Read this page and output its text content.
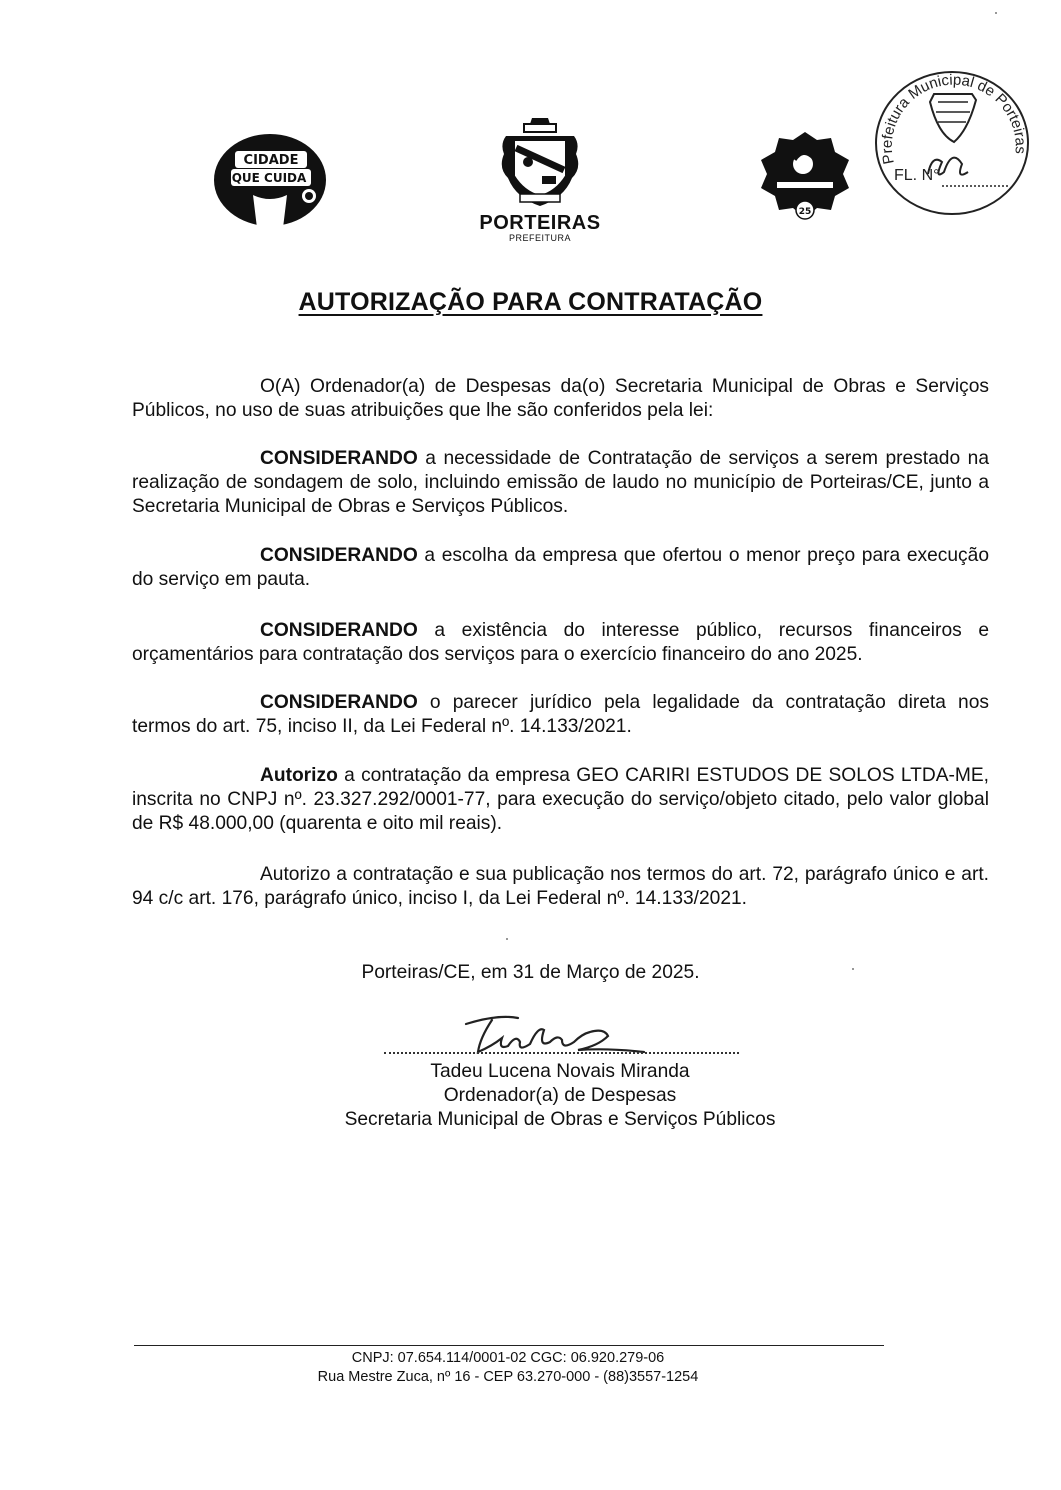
CIDADE
QUE CUIDA
PORTEIRAS
PREFEITURA
25
Prefeitura Municipal de Porteiras
FL. N°
AUTORIZAÇÃO PARA CONTRATAÇÃO

O(A) Ordenador(a) de Despesas da(o) Secretaria Municipal de Obras e Serviços Públicos, no uso de suas atribuições que lhe são conferidos pela lei:

CONSIDERANDO a necessidade de Contratação de serviços a serem prestado na realização de sondagem de solo, incluindo emissão de laudo no município de Porteiras/CE, junto a Secretaria Municipal de Obras e Serviços Públicos.

CONSIDERANDO a escolha da empresa que ofertou o menor preço para execução do serviço em pauta.

CONSIDERANDO a existência do interesse público, recursos financeiros e orçamentários para contratação dos serviços para o exercício financeiro do ano 2025.

CONSIDERANDO o parecer jurídico pela legalidade da contratação direta nos termos do art. 75, inciso II, da Lei Federal nº. 14.133/2021.

Autorizo a contratação da empresa GEO CARIRI ESTUDOS DE SOLOS LTDA-ME, inscrita no CNPJ nº. 23.327.292/0001-77, para execução do serviço/objeto citado, pelo valor global de R$ 48.000,00 (quarenta e oito mil reais).

Autorizo a contratação e sua publicação nos termos do art. 72, parágrafo único e art. 94 c/c art. 176, parágrafo único, inciso I, da Lei Federal nº. 14.133/2021.

Porteiras/CE, em 31 de Março de 2025.
Tadeu Lucena Novais Miranda
Ordenador(a) de Despesas
Secretaria Municipal de Obras e Serviços Públicos
CNPJ: 07.654.114/0001-02 CGC: 06.920.279-06
Rua Mestre Zuca, nº 16 - CEP 63.270-000 - (88)3557-1254
